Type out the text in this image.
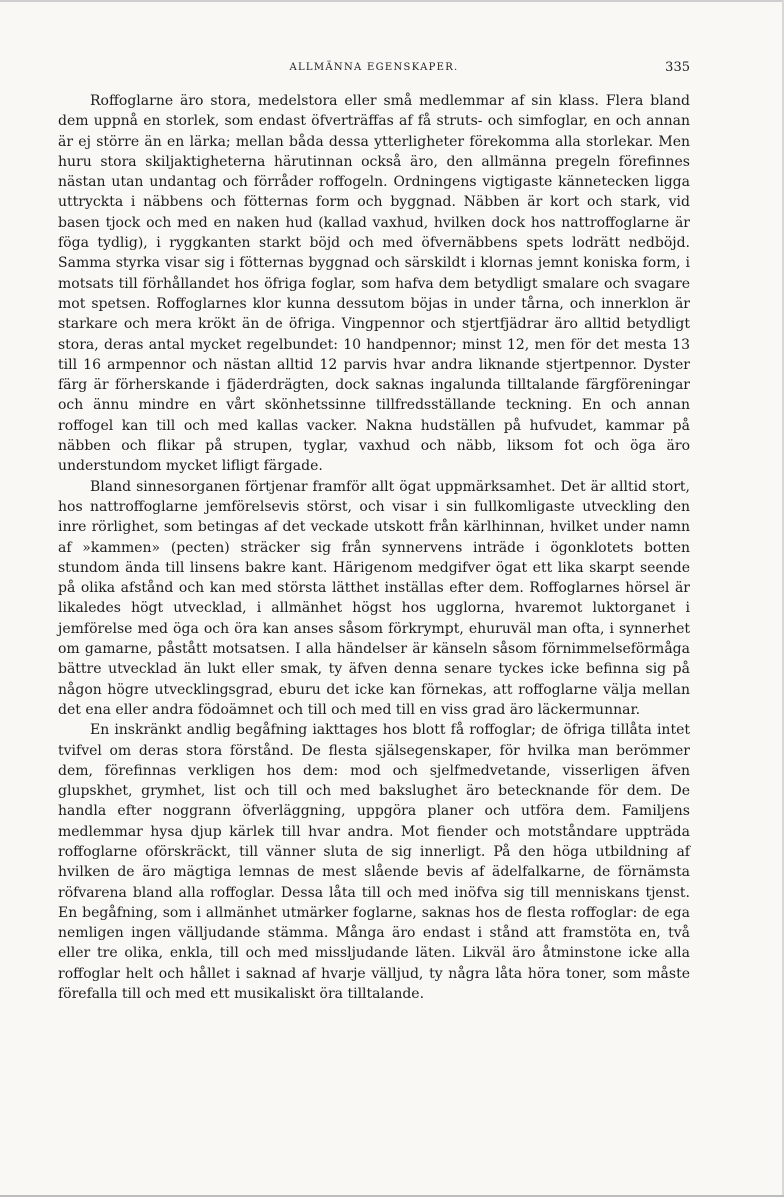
ALLMÄNNA EGENSKAPER.	335

Roffoglarne äro stora, medelstora eller små medlemmar af sin klass. Flera bland dem uppnå en storlek, som endast öfverträffas af få struts- och simfoglar, en och annan är ej större än en lärka; mellan båda dessa ytterligheter förekomma alla storlekar. Men huru stora skiljaktigheterna härutinnan också äro, den allmänna pregeln förefinnes nästan utan undantag och förråder roffogeln. Ordningens vigtigaste kännetecken ligga uttryckta i näbbens och fötternas form och byggnad. Näbben är kort och stark, vid basen tjock och med en naken hud (kallad vaxhud, hvilken dock hos nattroffoglarne är föga tydlig), i ryggkanten starkt böjd och med öfvernäbbens spets lodrätt nedböjd. Samma styrka visar sig i fötternas byggnad och särskildt i klornas jemnt koniska form, i motsats till förhållandet hos öfriga foglar, som hafva dem betydligt smalare och svagare mot spetsen. Roffoglarnes klor kunna dessutom böjas in under tårna, och innerklon är starkare och mera krökt än de öfriga. Vingpennor och stjertfjädrar äro alltid betydligt stora, deras antal mycket regelbundet: 10 handpennor; minst 12, men för det mesta 13 till 16 armpennor och nästan alltid 12 parvis hvar andra liknande stjertpennor. Dyster färg är förherskande i fjäderdrägten, dock saknas ingalunda tilltalande färgföreningar och ännu mindre en vårt skönhetssinne tillfredsställande teckning. En och annan roffogel kan till och med kallas vacker. Nakna hudställen på hufvudet, kammar på näbben och flikar på strupen, tyglar, vaxhud och näbb, liksom fot och öga äro understundom mycket lifligt färgade.

Bland sinnesorganen förtjenar framför allt ögat uppmärksamhet. Det är alltid stort, hos nattroffoglarne jemförelsevis störst, och visar i sin fullkomligaste utveckling den inre rörlighet, som betingas af det veckade utskott från kärlhinnan, hvilket under namn af »kammen» (pecten) sträcker sig från synnervens inträde i ögonklotets botten stundom ända till linsens bakre kant. Härigenom medgifver ögat ett lika skarpt seende på olika afstånd och kan med största lätthet inställas efter dem. Roffoglarnes hörsel är likaledes högt utvecklad, i allmänhet högst hos ugglorna, hvaremot luktorganet i jemförelse med öga och öra kan anses såsom förkrympt, ehuruväl man ofta, i synnerhet om gamarne, påstått motsatsen. I alla händelser är känseln såsom förnimmelseförmåga bättre utvecklad än lukt eller smak, ty äfven denna senare tyckes icke befinna sig på någon högre utvecklingsgrad, eburu det icke kan förnekas, att roffoglarne välja mellan det ena eller andra födoämnet och till och med till en viss grad äro läckermunnar.

En inskränkt andlig begåfning iakttages hos blott få roffoglar; de öfriga tillåta intet tvifvel om deras stora förstånd. De flesta själsegenskaper, för hvilka man berömmer dem, förefinnas verkligen hos dem: mod och sjelfmedvetande, visserligen äfven glupskhet, grymhet, list och till och med bakslughet äro betecknande för dem. De handla efter noggrann öfverläggning, uppgöra planer och utföra dem. Familjens medlemmar hysa djup kärlek till hvar andra. Mot fiender och motståndare uppträda roffoglarne oförskräckt, till vänner sluta de sig innerligt. På den höga utbildning af hvilken de äro mägtiga lemnas de mest slående bevis af ädelfalkarne, de förnämsta röfvarena bland alla roffoglar. Dessa låta till och med inöfva sig till menniskans tjenst. En begåfning, som i allmänhet utmärker foglarne, saknas hos de flesta roffoglar: de ega nemligen ingen välljudande stämma. Många äro endast i stånd att framstöta en, två eller tre olika, enkla, till och med missljudande läten. Likväl äro åtminstone icke alla roffoglar helt och hållet i saknad af hvarje välljud, ty några låta höra toner, som måste förefalla till och med ett musikaliskt öra tilltalande.
